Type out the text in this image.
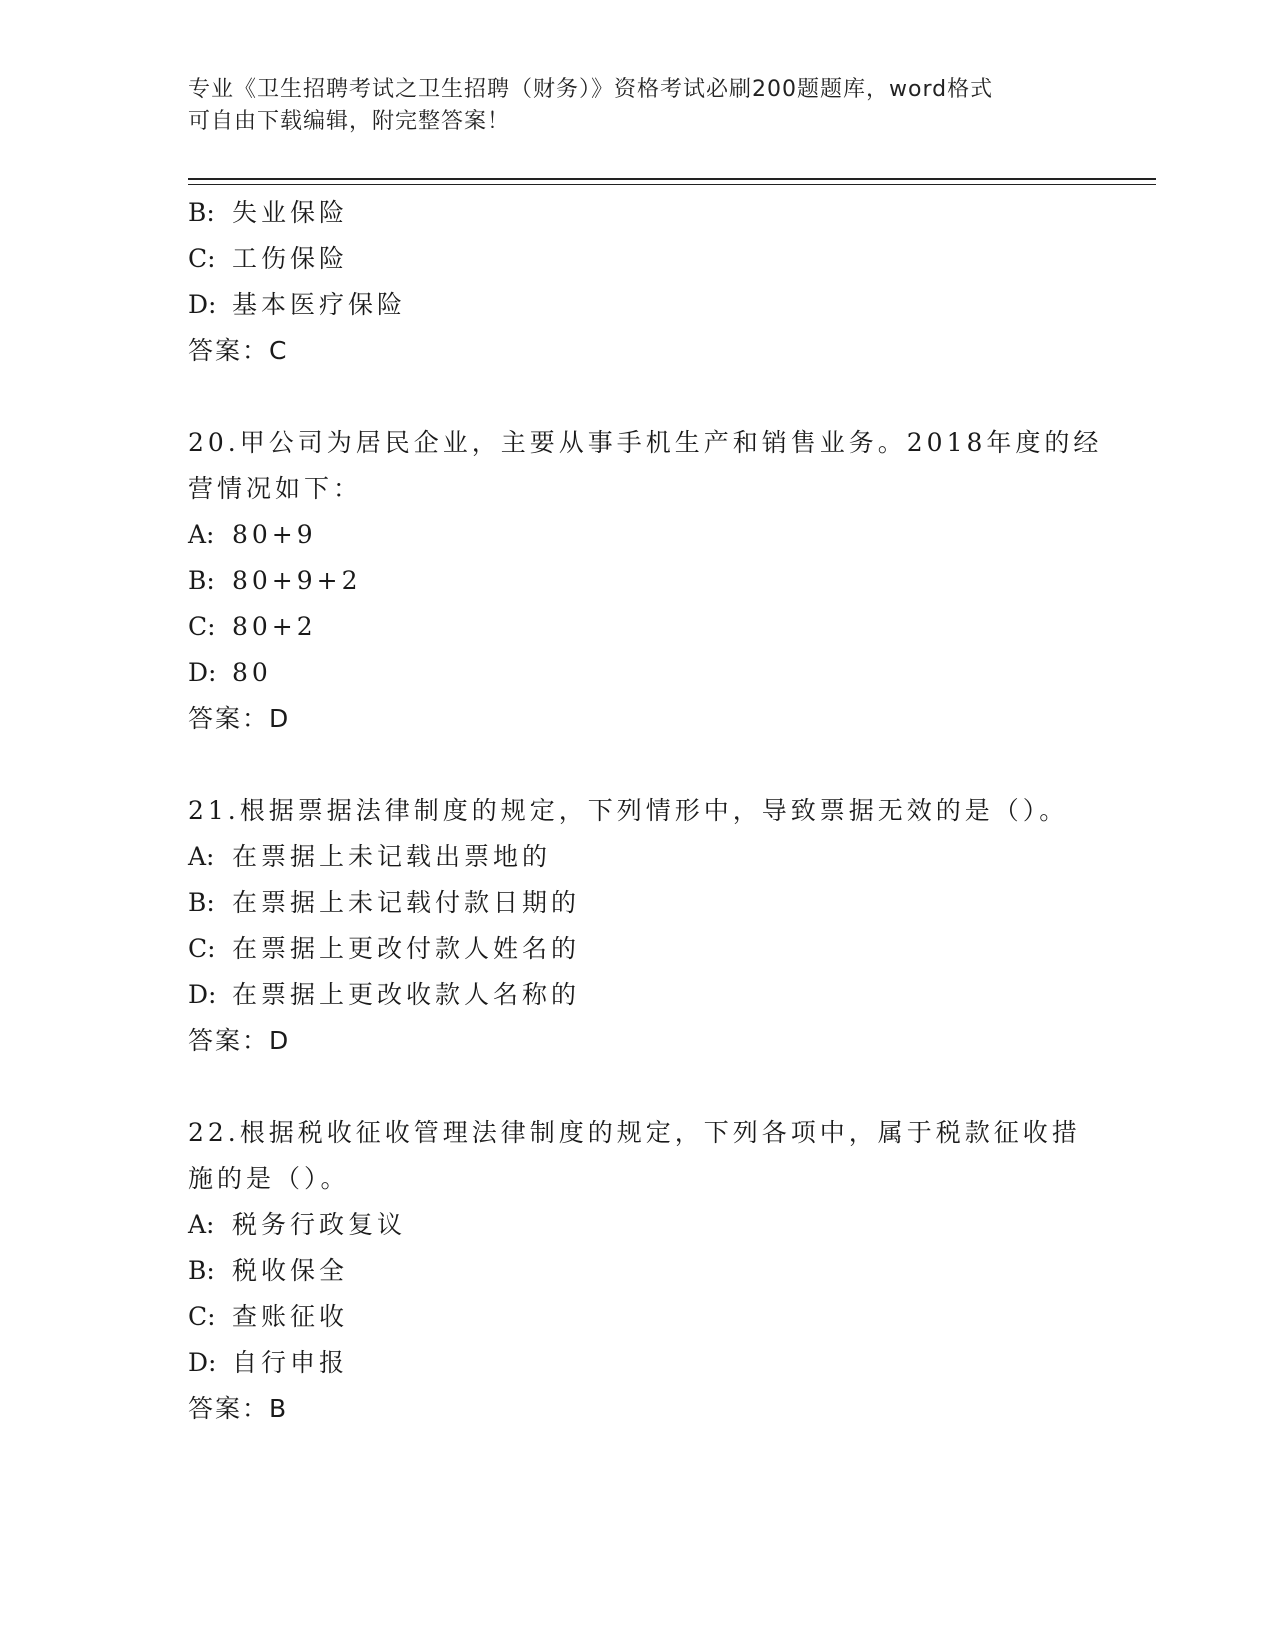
专业《卫生招聘考试之卫生招聘（财务）》资格考试必刷200题题库，word格式
可自由下载编辑，附完整答案！
B: 失业保险
C: 工伤保险
D: 基本医疗保险
答案：C
20.甲公司为居民企业，主要从事手机生产和销售业务。2018年度的经
营情况如下：
A: 80+9
B: 80+9+2
C: 80+2
D: 80
答案：D
21.根据票据法律制度的规定，下列情形中，导致票据无效的是（）。
A: 在票据上未记载出票地的
B: 在票据上未记载付款日期的
C: 在票据上更改付款人姓名的
D: 在票据上更改收款人名称的
答案：D
22.根据税收征收管理法律制度的规定，下列各项中，属于税款征收措
施的是（）。
A: 税务行政复议
B: 税收保全
C: 查账征收
D: 自行申报
答案：B
